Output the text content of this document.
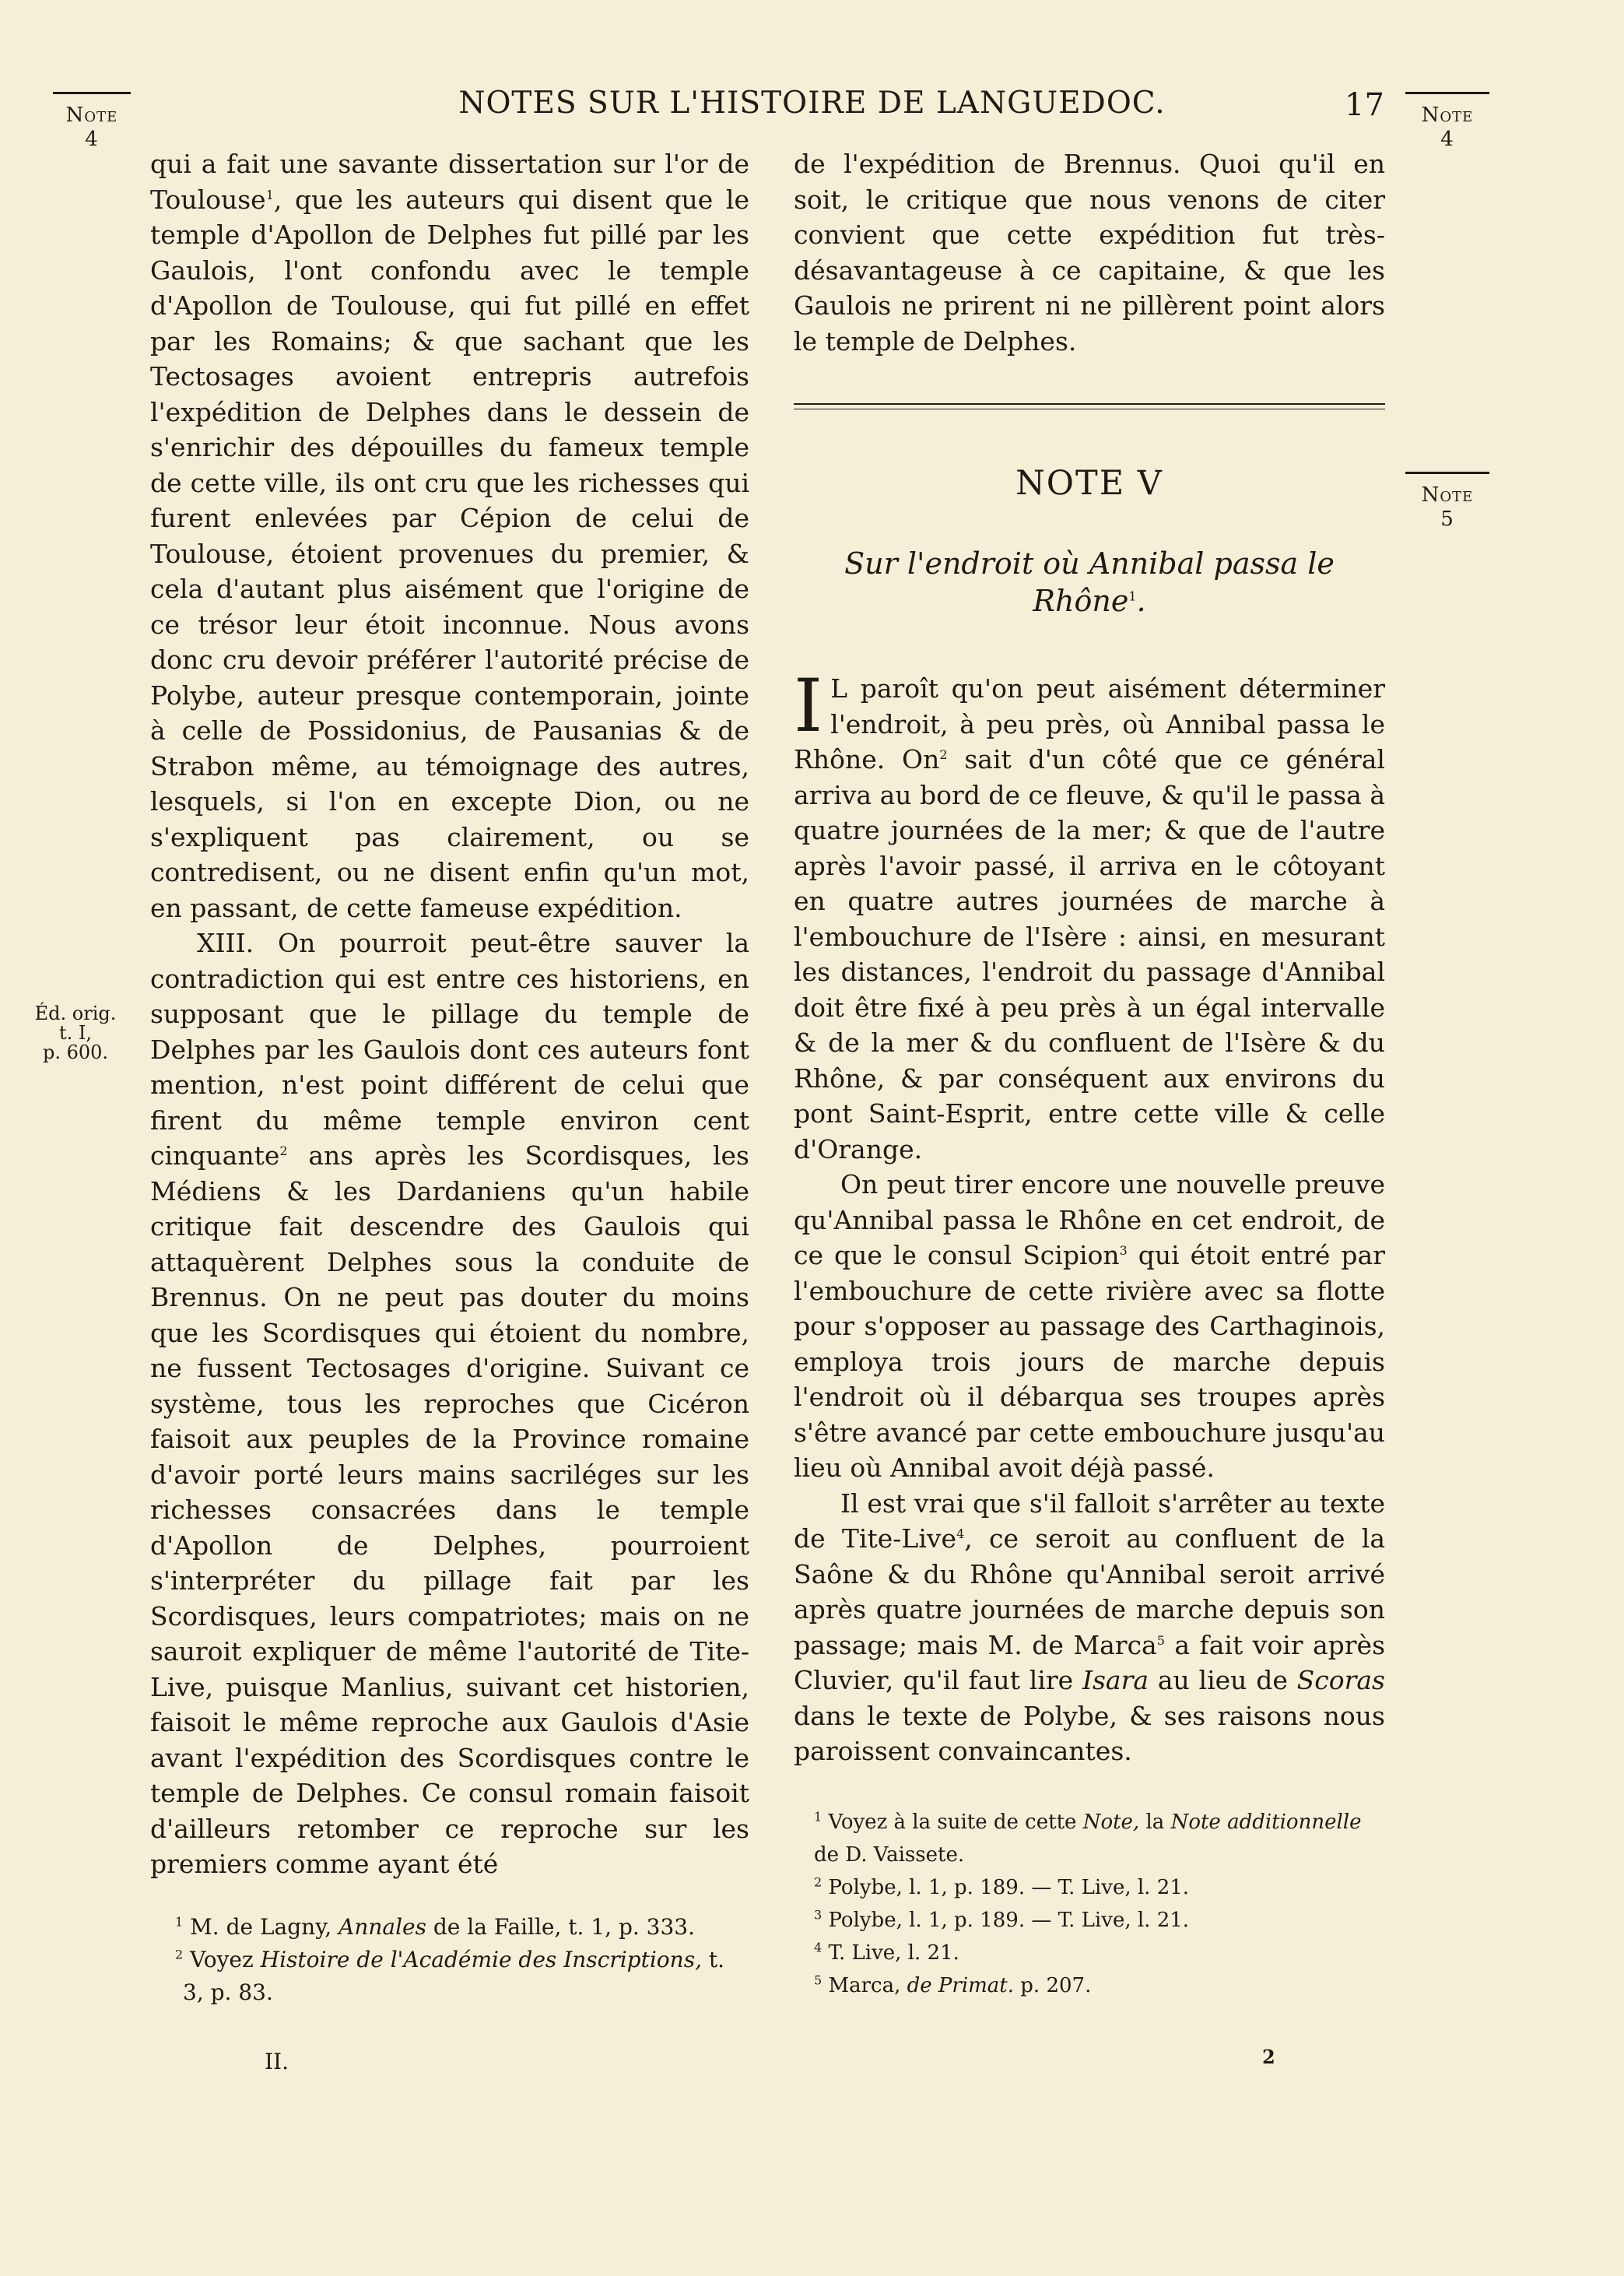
NOTES SUR L'HISTOIRE DE LANGUEDOC.	17
Note
4
Note
4
Note
5
Éd. orig.
t. I,
p. 600.

qui a fait une savante dissertation sur l'or de Toulouse$^1$, que les auteurs qui disent que le temple d'Apollon de Delphes fut pillé par les Gaulois, l'ont confondu avec le temple d'Apollon de Toulouse, qui fut pillé en effet par les Romains; & que sachant que les Tectosages avoient entrepris autrefois l'expédition de Delphes dans le dessein de s'enrichir des dépouilles du fameux temple de cette ville, ils ont cru que les richesses qui furent enlevées par Cépion de celui de Toulouse, étoient provenues du premier, & cela d'autant plus aisément que l'origine de ce trésor leur étoit inconnue. Nous avons donc cru devoir préférer l'autorité précise de Polybe, auteur presque contemporain, jointe à celle de Possidonius, de Pausanias & de Strabon même, au témoignage des autres, lesquels, si l'on en excepte Dion, ou ne s'expliquent pas clairement, ou se contredisent, ou ne disent enfin qu'un mot, en passant, de cette fameuse expédition.

XIII. On pourroit peut-être sauver la contradiction qui est entre ces historiens, en supposant que le pillage du temple de Delphes par les Gaulois dont ces auteurs font mention, n'est point différent de celui que firent du même temple environ cent cinquante$^2$ ans après les Scordisques, les Médiens & les Dardaniens qu'un habile critique fait descendre des Gaulois qui attaquèrent Delphes sous la conduite de Brennus. On ne peut pas douter du moins que les Scordisques qui étoient du nombre, ne fussent Tectosages d'origine. Suivant ce système, tous les reproches que Cicéron faisoit aux peuples de la Province romaine d'avoir porté leurs mains sacriléges sur les richesses consacrées dans le temple d'Apollon de Delphes, pourroient s'interpréter du pillage fait par les Scordisques, leurs compatriotes; mais on ne sauroit expliquer de même l'autorité de Tite-Live, puisque Manlius, suivant cet historien, faisoit le même reproche aux Gaulois d'Asie avant l'expédition des Scordisques contre le temple de Delphes. Ce consul romain faisoit d'ailleurs retomber ce reproche sur les premiers comme ayant été

$^1$ M. de Lagny, Annales de la Faille, t. 1, p. 333.

$^2$ Voyez Histoire de l'Académie des Inscriptions, t. 3, p. 83.

de l'expédition de Brennus. Quoi qu'il en soit, le critique que nous venons de citer convient que cette expédition fut très-désavantageuse à ce capitaine, & que les Gaulois ne prirent ni ne pillèrent point alors le temple de Delphes.

NOTE V
Sur l'endroit où Annibal passa le Rhône$^1$.

I L paroît qu'on peut aisément déterminer l'endroit, à peu près, où Annibal passa le Rhône. On$^2$ sait d'un côté que ce général arriva au bord de ce fleuve, & qu'il le passa à quatre journées de la mer; & que de l'autre après l'avoir passé, il arriva en le côtoyant en quatre autres journées de marche à l'embouchure de l'Isère : ainsi, en mesurant les distances, l'endroit du passage d'Annibal doit être fixé à peu près à un égal intervalle & de la mer & du confluent de l'Isère & du Rhône, & par conséquent aux environs du pont Saint-Esprit, entre cette ville & celle d'Orange.

On peut tirer encore une nouvelle preuve qu'Annibal passa le Rhône en cet endroit, de ce que le consul Scipion$^3$ qui étoit entré par l'embouchure de cette rivière avec sa flotte pour s'opposer au passage des Carthaginois, employa trois jours de marche depuis l'endroit où il débarqua ses troupes après s'être avancé par cette embouchure jusqu'au lieu où Annibal avoit déjà passé.

Il est vrai que s'il falloit s'arrêter au texte de Tite-Live$^4$, ce seroit au confluent de la Saône & du Rhône qu'Annibal seroit arrivé après quatre journées de marche depuis son passage; mais M. de Marca$^5$ a fait voir après Cluvier, qu'il faut lire Isara au lieu de Scoras dans le texte de Polybe, & ses raisons nous paroissent convaincantes.

$^1$ Voyez à la suite de cette Note, la Note additionnelle de D. Vaissete.

$^2$ Polybe, l. 1, p. 189. — T. Live, l. 21.

$^3$ Polybe, l. 1, p. 189. — T. Live, l. 21.

$^4$ T. Live, l. 21.

$^5$ Marca, de Primat. p. 207.

II.	2
